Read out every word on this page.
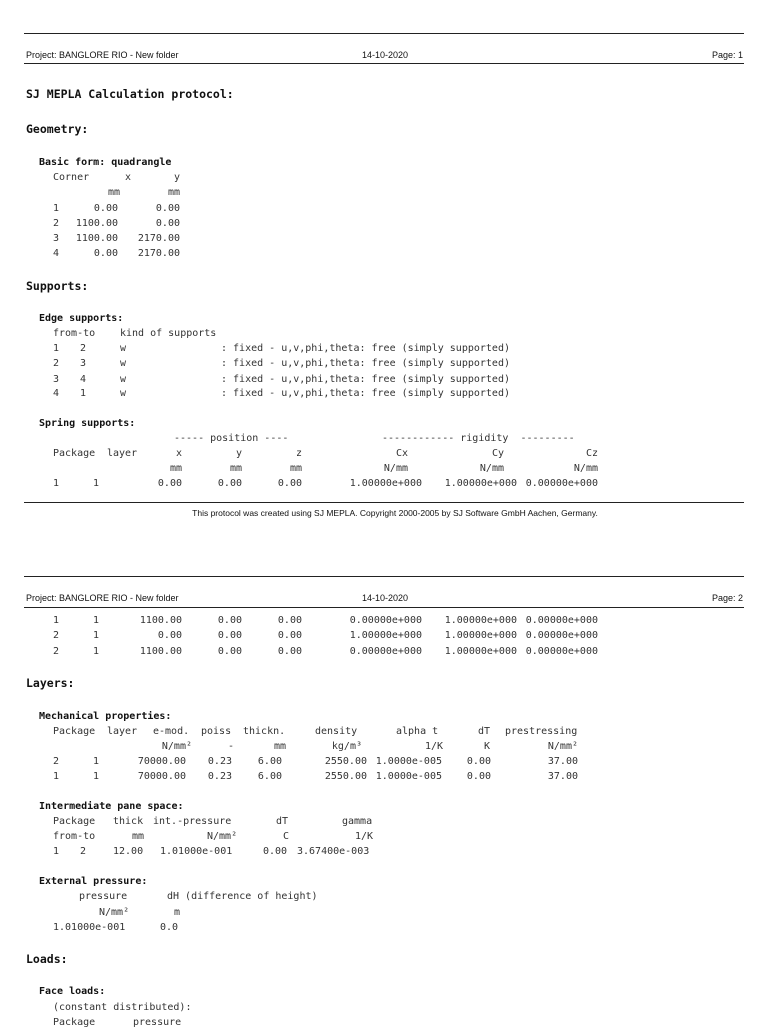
Project: BANGLORE RIO - New folder	14-10-2020	Page: 1
SJ MEPLA Calculation protocol:
Geometry:
Basic form: quadrangle
Corner	x	y
mm	mm
1	0.00	0.00
2 1100.00	0.00
3 1100.00 2170.00
4	0.00 2170.00
Supports:
Edge supports:
from-to kind of supports
1 2	w	: fixed - u,v,phi,theta: free (simply supported)
2 3	w	: fixed - u,v,phi,theta: free (simply supported)
3 4	w	: fixed - u,v,phi,theta: free (simply supported)
4 1	w	: fixed - u,v,phi,theta: free (simply supported)
Spring supports:
----- position ----	------------ rigidity  ---------
Package layer	x	y	z	Cx	Cy	Cz
mm	mm	mm	N/mm	N/mm	N/mm
1	1	0.00	0.00	0.00	1.00000e+000 1.00000e+000 0.00000e+000
This protocol was created using SJ MEPLA. Copyright 2000-2005 by SJ Software GmbH Aachen, Germany.
Project: BANGLORE RIO - New folder	14-10-2020	Page: 2
1	1	1100.00	0.00	0.00	0.00000e+000 1.00000e+000 0.00000e+000
2	1	0.00	0.00	0.00	1.00000e+000 1.00000e+000 0.00000e+000
2	1	1100.00	0.00	0.00	0.00000e+000 1.00000e+000 0.00000e+000
Layers:
Mechanical properties:
Package layer e-mod. poiss thickn.	density	alpha t	dT prestressing
N/mm²	-	mm	kg/m³	1/K	K	N/mm²
2	1	70000.00 0.23	6.00	2550.00 1.0000e-005 0.00	37.00
1	1	70000.00 0.23	6.00	2550.00 1.0000e-005 0.00	37.00
Intermediate pane space:
Package thick int.-pressure	dT	gamma
from-to	mm	N/mm²	C	1/K
1 2	12.00 1.01000e-001	0.00 3.67400e-003
External pressure:
pressure	dH (difference of height)
N/mm²	m
1.01000e-001	0.0
Loads:
Face loads:
(constant distributed):
Package	pressure
